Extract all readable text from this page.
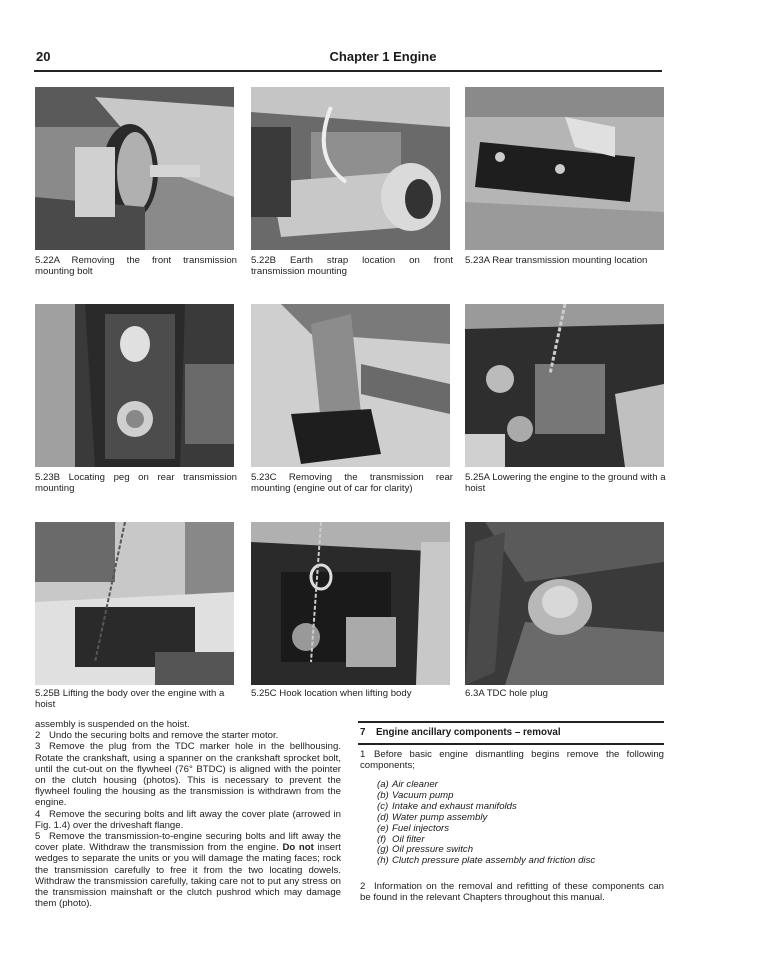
20	Chapter 1 Engine
5.22A Removing the front transmission mounting bolt
5.22B Earth strap location on front transmission mounting
5.23A Rear transmission mounting location
5.23B Locating peg on rear transmission mounting
5.23C Removing the transmission rear mounting (engine out of car for clarity)
5.25A Lowering the engine to the ground with a hoist
5.25B Lifting the body over the engine with a hoist
5.25C Hook location when lifting body	6.3A TDC hole plug

assembly is suspended on the hoist.

2 Undo the securing bolts and remove the starter motor.

3 Remove the plug from the TDC marker hole in the bellhousing. Rotate the crankshaft, using a spanner on the crankshaft sprocket bolt, until the cut-out on the flywheel (76° BTDC) is aligned with the pointer on the clutch housing (photos). This is necessary to prevent the flywheel fouling the housing as the transmission is withdrawn from the engine.

4 Remove the securing bolts and lift away the cover plate (arrowed in Fig. 1.4) over the driveshaft flange.

5 Remove the transmission-to-engine securing bolts and lift away the cover plate. Withdraw the transmission from the engine. Do not insert wedges to separate the units or you will damage the mating faces; rock the transmission carefully to free it from the two locating dowels. Withdraw the transmission carefully, taking care not to put any stress on the transmission mainshaft or the clutch pushrod which may damage them (photo).

7 Engine ancillary components – removal

1 Before basic engine dismantling begins remove the following components;

(a) Air cleaner
(b) Vacuum pump
(c) Intake and exhaust manifolds
(d) Water pump assembly
(e) Fuel injectors
(f) Oil filter
(g) Oil pressure switch
(h) Clutch pressure plate assembly and friction disc

2 Information on the removal and refitting of these components can be found in the relevant Chapters throughout this manual.
